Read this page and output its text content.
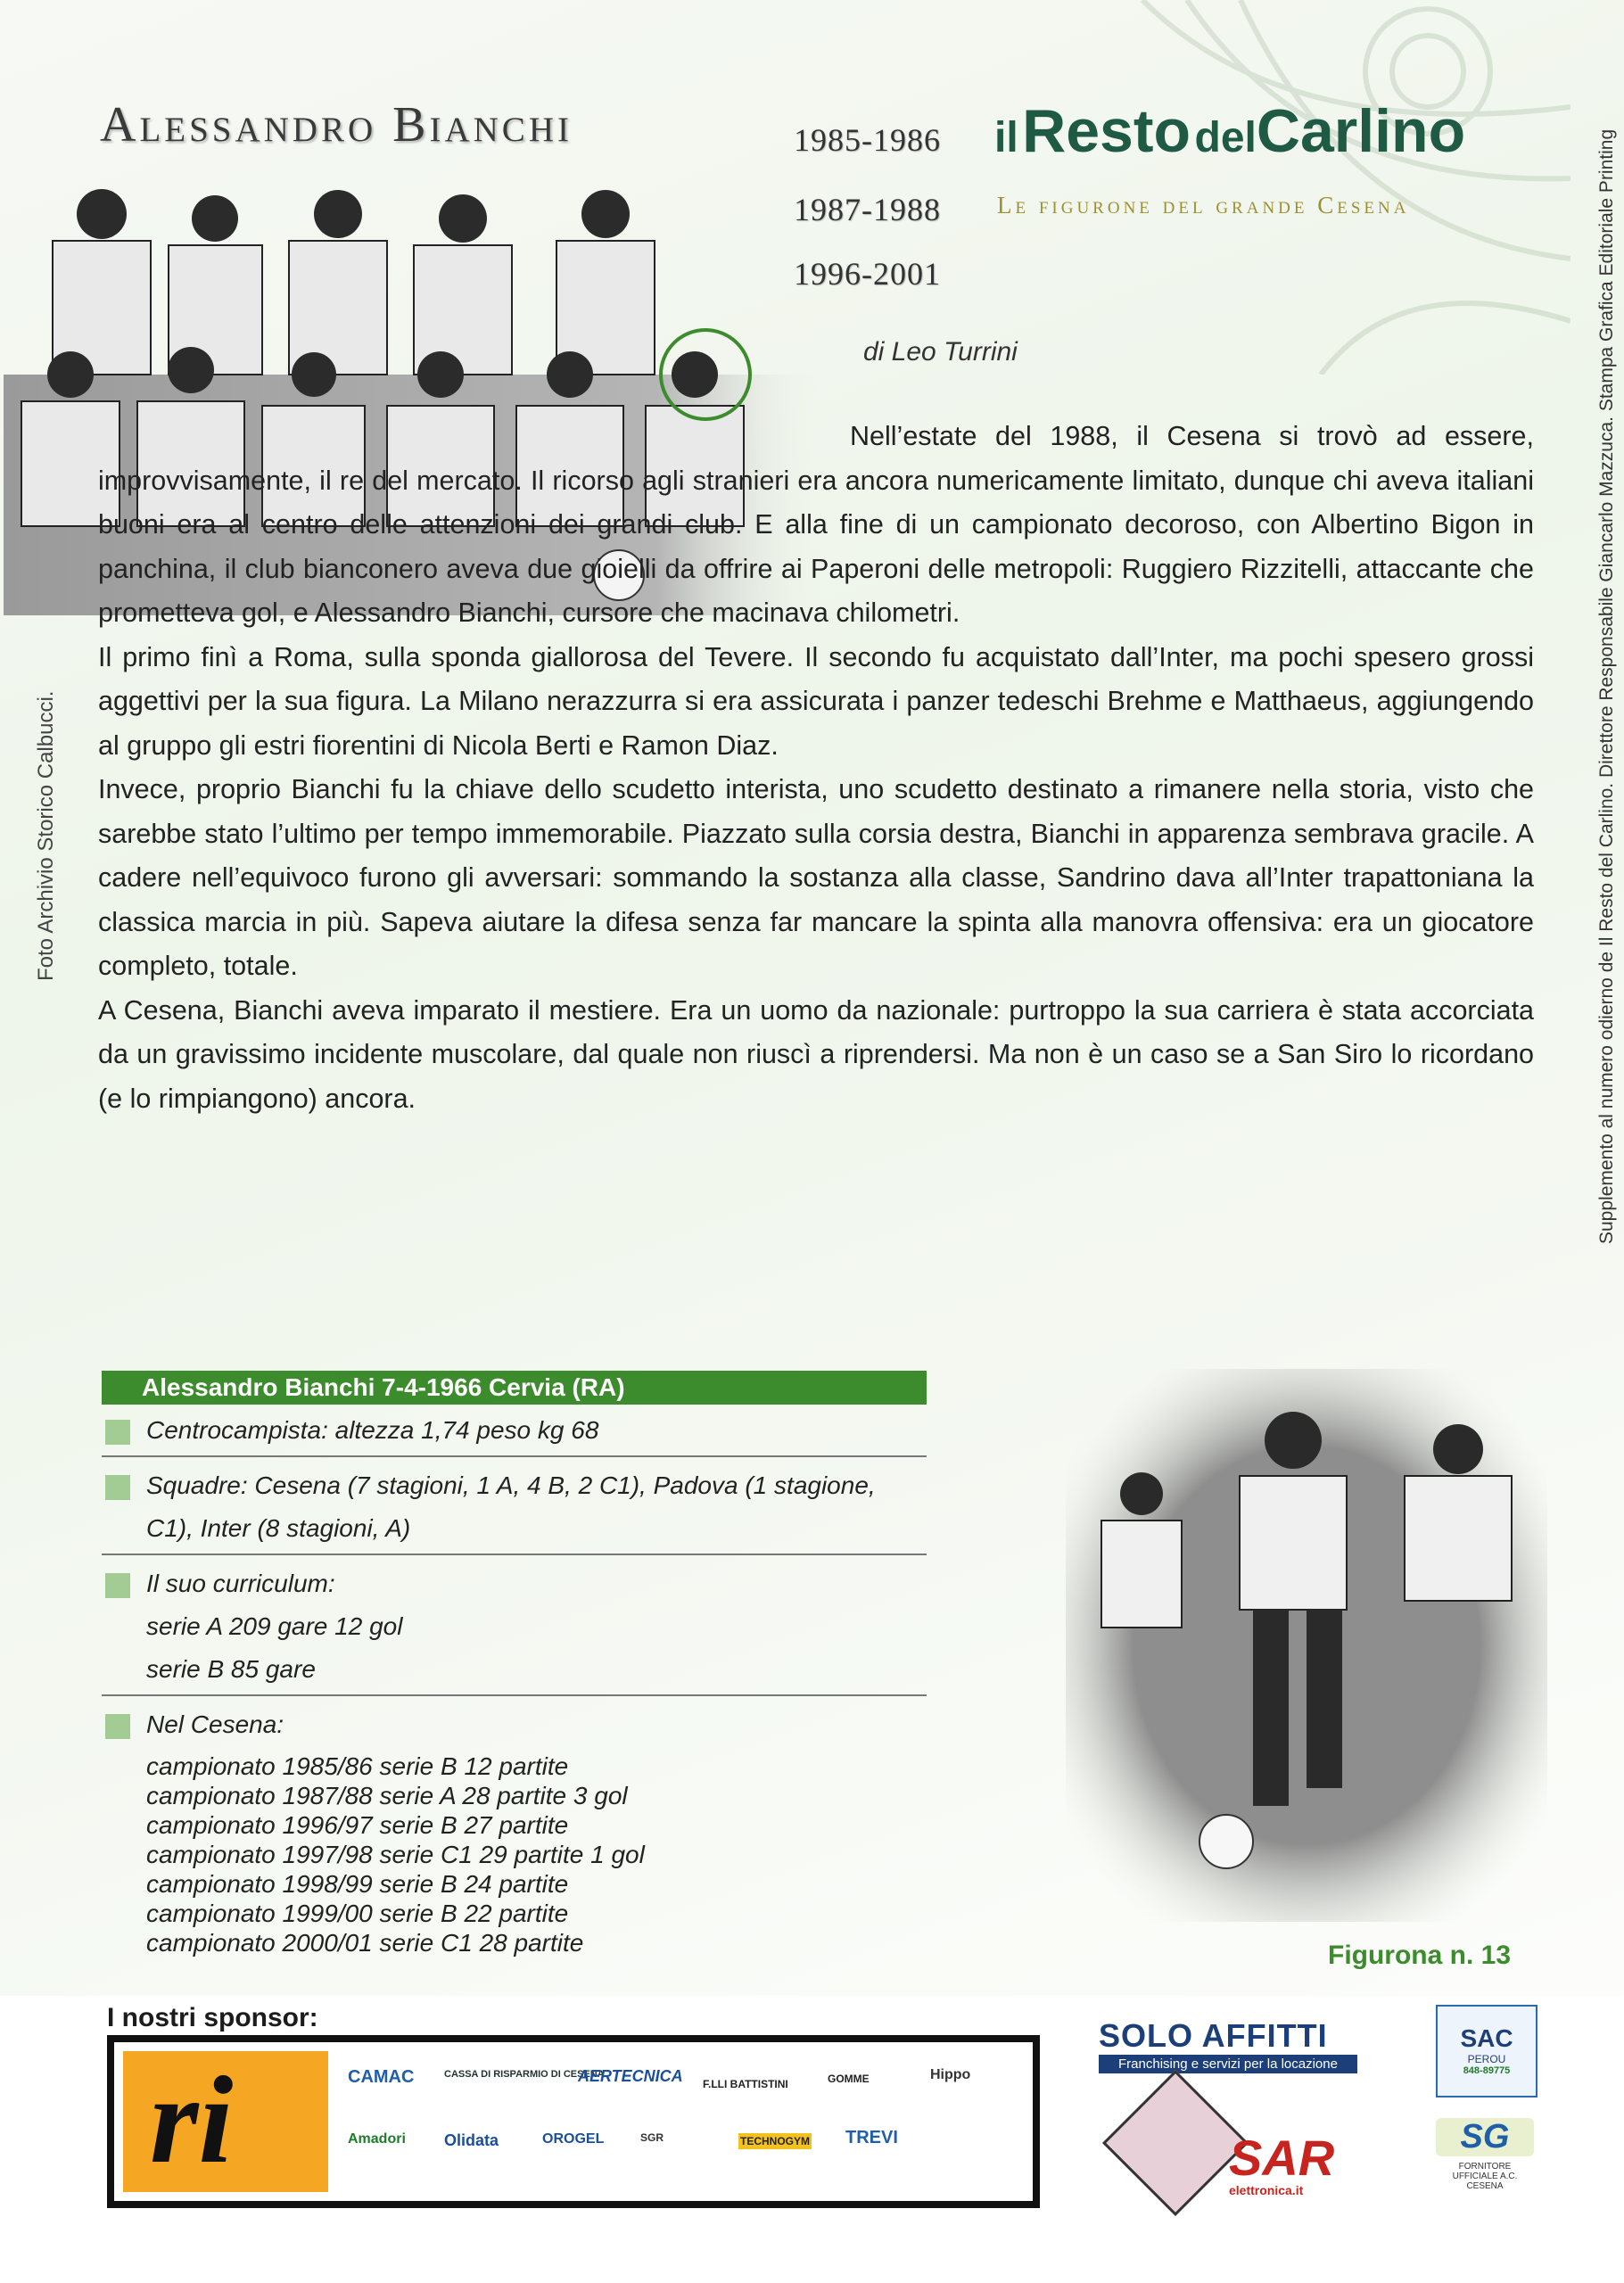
Alessandro Bianchi	1985-1986
1987-1988
1996-2001
il Resto delCarlino
Le figurone del grande Cesena
Foto Archivio Storico Calbucci.	Supplemento al numero odierno de Il Resto del Carlino. Direttore Responsabile Giancarlo Mazzuca. Stampa Grafica Editoriale Printing
di Leo Turrini

Nell’estate del 1988, il Cesena si trovò ad essere, improvvisamente, il re del mercato. Il ricorso agli stranieri era ancora numericamente limitato, dunque chi aveva italiani buoni era al centro delle attenzioni dei grandi club. E alla fine di un campionato decoroso, con Albertino Bigon in panchina, il club bianconero aveva due gioielli da offrire ai Paperoni delle metropoli: Ruggiero Rizzitelli, attaccante che prometteva gol, e Alessandro Bianchi, cursore che macinava chilometri.

Il primo finì a Roma, sulla sponda giallorosa del Tevere. Il secondo fu acquistato dall’Inter, ma pochi spesero grossi aggettivi per la sua figura. La Milano nerazzurra si era assicurata i panzer tedeschi Brehme e Matthaeus, aggiungendo al gruppo gli estri fiorentini di Nicola Berti e Ramon Diaz.

Invece, proprio Bianchi fu la chiave dello scudetto interista, uno scudetto destinato a rimanere nella storia, visto che sarebbe stato l’ultimo per tempo immemorabile. Piazzato sulla corsia destra, Bianchi in apparenza sembrava gracile. A cadere nell’equivoco furono gli avversari: sommando la sostanza alla classe, Sandrino dava all’Inter trapattoniana la classica marcia in più. Sapeva aiutare la difesa senza far mancare la spinta alla manovra offensiva: era un giocatore completo, totale.

A Cesena, Bianchi aveva imparato il mestiere. Era un uomo da nazionale: purtroppo la sua carriera è stata accorciata da un gravissimo incidente muscolare, dal quale non riuscì a riprendersi. Ma non è un caso se a San Siro lo ricordano (e lo rimpiangono) ancora.

Alessandro Bianchi 7-4-1966 Cervia (RA)
Centrocampista: altezza 1,74 peso kg 68
Squadre: Cesena (7 stagioni, 1 A, 4 B, 2 C1), Padova (1 stagione, C1), Inter (8 stagioni, A)
Il suo curriculum:
serie A 209 gare 12 gol
serie B 85 gare
Nel Cesena:
campionato 1985/86 serie B 12 partite
campionato 1987/88 serie A 28 partite 3 gol
campionato 1996/97 serie B 27 partite
campionato 1997/98 serie C1 29 partite 1 gol
campionato 1998/99 serie B 24 partite
campionato 1999/00 serie B 22 partite
campionato 2000/01 serie C1 28 partite	Figurona n. 13
I nostri sponsor:
ri	CAMAC	CASSA DI RISPARMIO DI CESENA
AERTECNICA F.LLI BATTISTINI	GOMME	Hippo
Amadori Olidata	OROGEL	SGR	TECHNOGYM TREVI
SOLO AFFITTI
Franchising e servizi per la locazione
SAR
elettronica.it
SAC
PEROU
848-89775
SG
FORNITORE UFFICIALE A.C. CESENA
